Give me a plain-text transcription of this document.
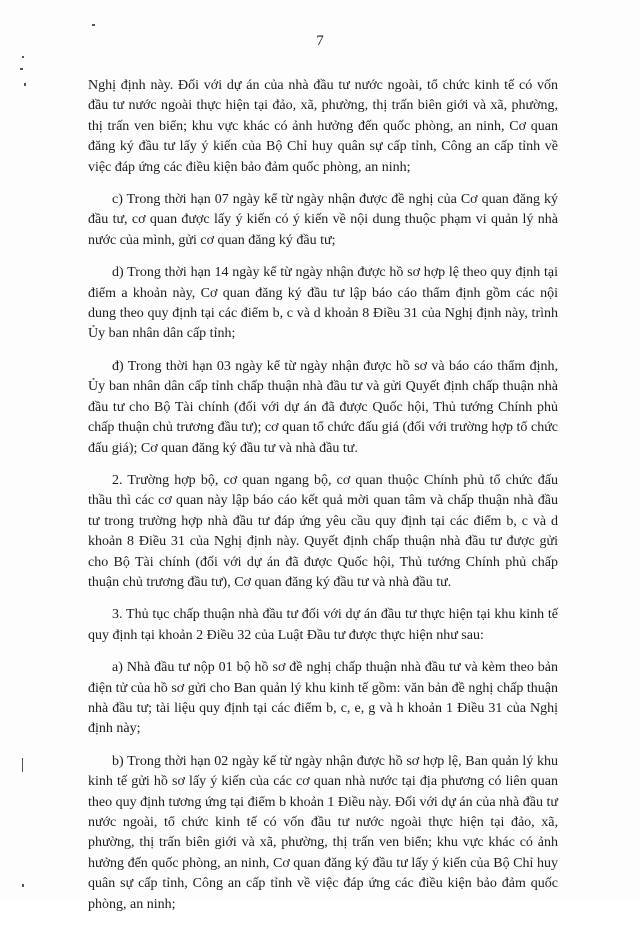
7

Nghị định này. Đối với dự án của nhà đầu tư nước ngoài, tổ chức kinh tế có vốn đầu tư nước ngoài thực hiện tại đảo, xã, phường, thị trấn biên giới và xã, phường, thị trấn ven biển; khu vực khác có ảnh hưởng đến quốc phòng, an ninh, Cơ quan đăng ký đầu tư lấy ý kiến của Bộ Chỉ huy quân sự cấp tỉnh, Công an cấp tỉnh về việc đáp ứng các điều kiện bảo đảm quốc phòng, an ninh;

c) Trong thời hạn 07 ngày kể từ ngày nhận được đề nghị của Cơ quan đăng ký đầu tư, cơ quan được lấy ý kiến có ý kiến về nội dung thuộc phạm vi quản lý nhà nước của mình, gửi cơ quan đăng ký đầu tư;

d) Trong thời hạn 14 ngày kể từ ngày nhận được hồ sơ hợp lệ theo quy định tại điểm a khoản này, Cơ quan đăng ký đầu tư lập báo cáo thẩm định gồm các nội dung theo quy định tại các điểm b, c và d khoản 8 Điều 31 của Nghị định này, trình Ủy ban nhân dân cấp tỉnh;

đ) Trong thời hạn 03 ngày kể từ ngày nhận được hồ sơ và báo cáo thẩm định, Ủy ban nhân dân cấp tỉnh chấp thuận nhà đầu tư và gửi Quyết định chấp thuận nhà đầu tư cho Bộ Tài chính (đối với dự án đã được Quốc hội, Thủ tướng Chính phủ chấp thuận chủ trương đầu tư); cơ quan tổ chức đấu giá (đối với trường hợp tổ chức đấu giá); Cơ quan đăng ký đầu tư và nhà đầu tư.

2. Trường hợp bộ, cơ quan ngang bộ, cơ quan thuộc Chính phủ tổ chức đấu thầu thì các cơ quan này lập báo cáo kết quả mời quan tâm và chấp thuận nhà đầu tư trong trường hợp nhà đầu tư đáp ứng yêu cầu quy định tại các điểm b, c và d khoản 8 Điều 31 của Nghị định này. Quyết định chấp thuận nhà đầu tư được gửi cho Bộ Tài chính (đối với dự án đã được Quốc hội, Thủ tướng Chính phủ chấp thuận chủ trương đầu tư), Cơ quan đăng ký đầu tư và nhà đầu tư.

3. Thủ tục chấp thuận nhà đầu tư đối với dự án đầu tư thực hiện tại khu kinh tế quy định tại khoản 2 Điều 32 của Luật Đầu tư được thực hiện như sau:

a) Nhà đầu tư nộp 01 bộ hồ sơ đề nghị chấp thuận nhà đầu tư và kèm theo bản điện tử của hồ sơ gửi cho Ban quản lý khu kinh tế gồm: văn bản đề nghị chấp thuận nhà đầu tư; tài liệu quy định tại các điểm b, c, e, g và h khoản 1 Điều 31 của Nghị định này;

b) Trong thời hạn 02 ngày kể từ ngày nhận được hồ sơ hợp lệ, Ban quản lý khu kinh tế gửi hồ sơ lấy ý kiến của các cơ quan nhà nước tại địa phương có liên quan theo quy định tương ứng tại điểm b khoản 1 Điều này. Đối với dự án của nhà đầu tư nước ngoài, tổ chức kinh tế có vốn đầu tư nước ngoài thực hiện tại đảo, xã, phường, thị trấn biên giới và xã, phường, thị trấn ven biển; khu vực khác có ảnh hưởng đến quốc phòng, an ninh, Cơ quan đăng ký đầu tư lấy ý kiến của Bộ Chỉ huy quân sự cấp tỉnh, Công an cấp tỉnh về việc đáp ứng các điều kiện bảo đảm quốc phòng, an ninh;
